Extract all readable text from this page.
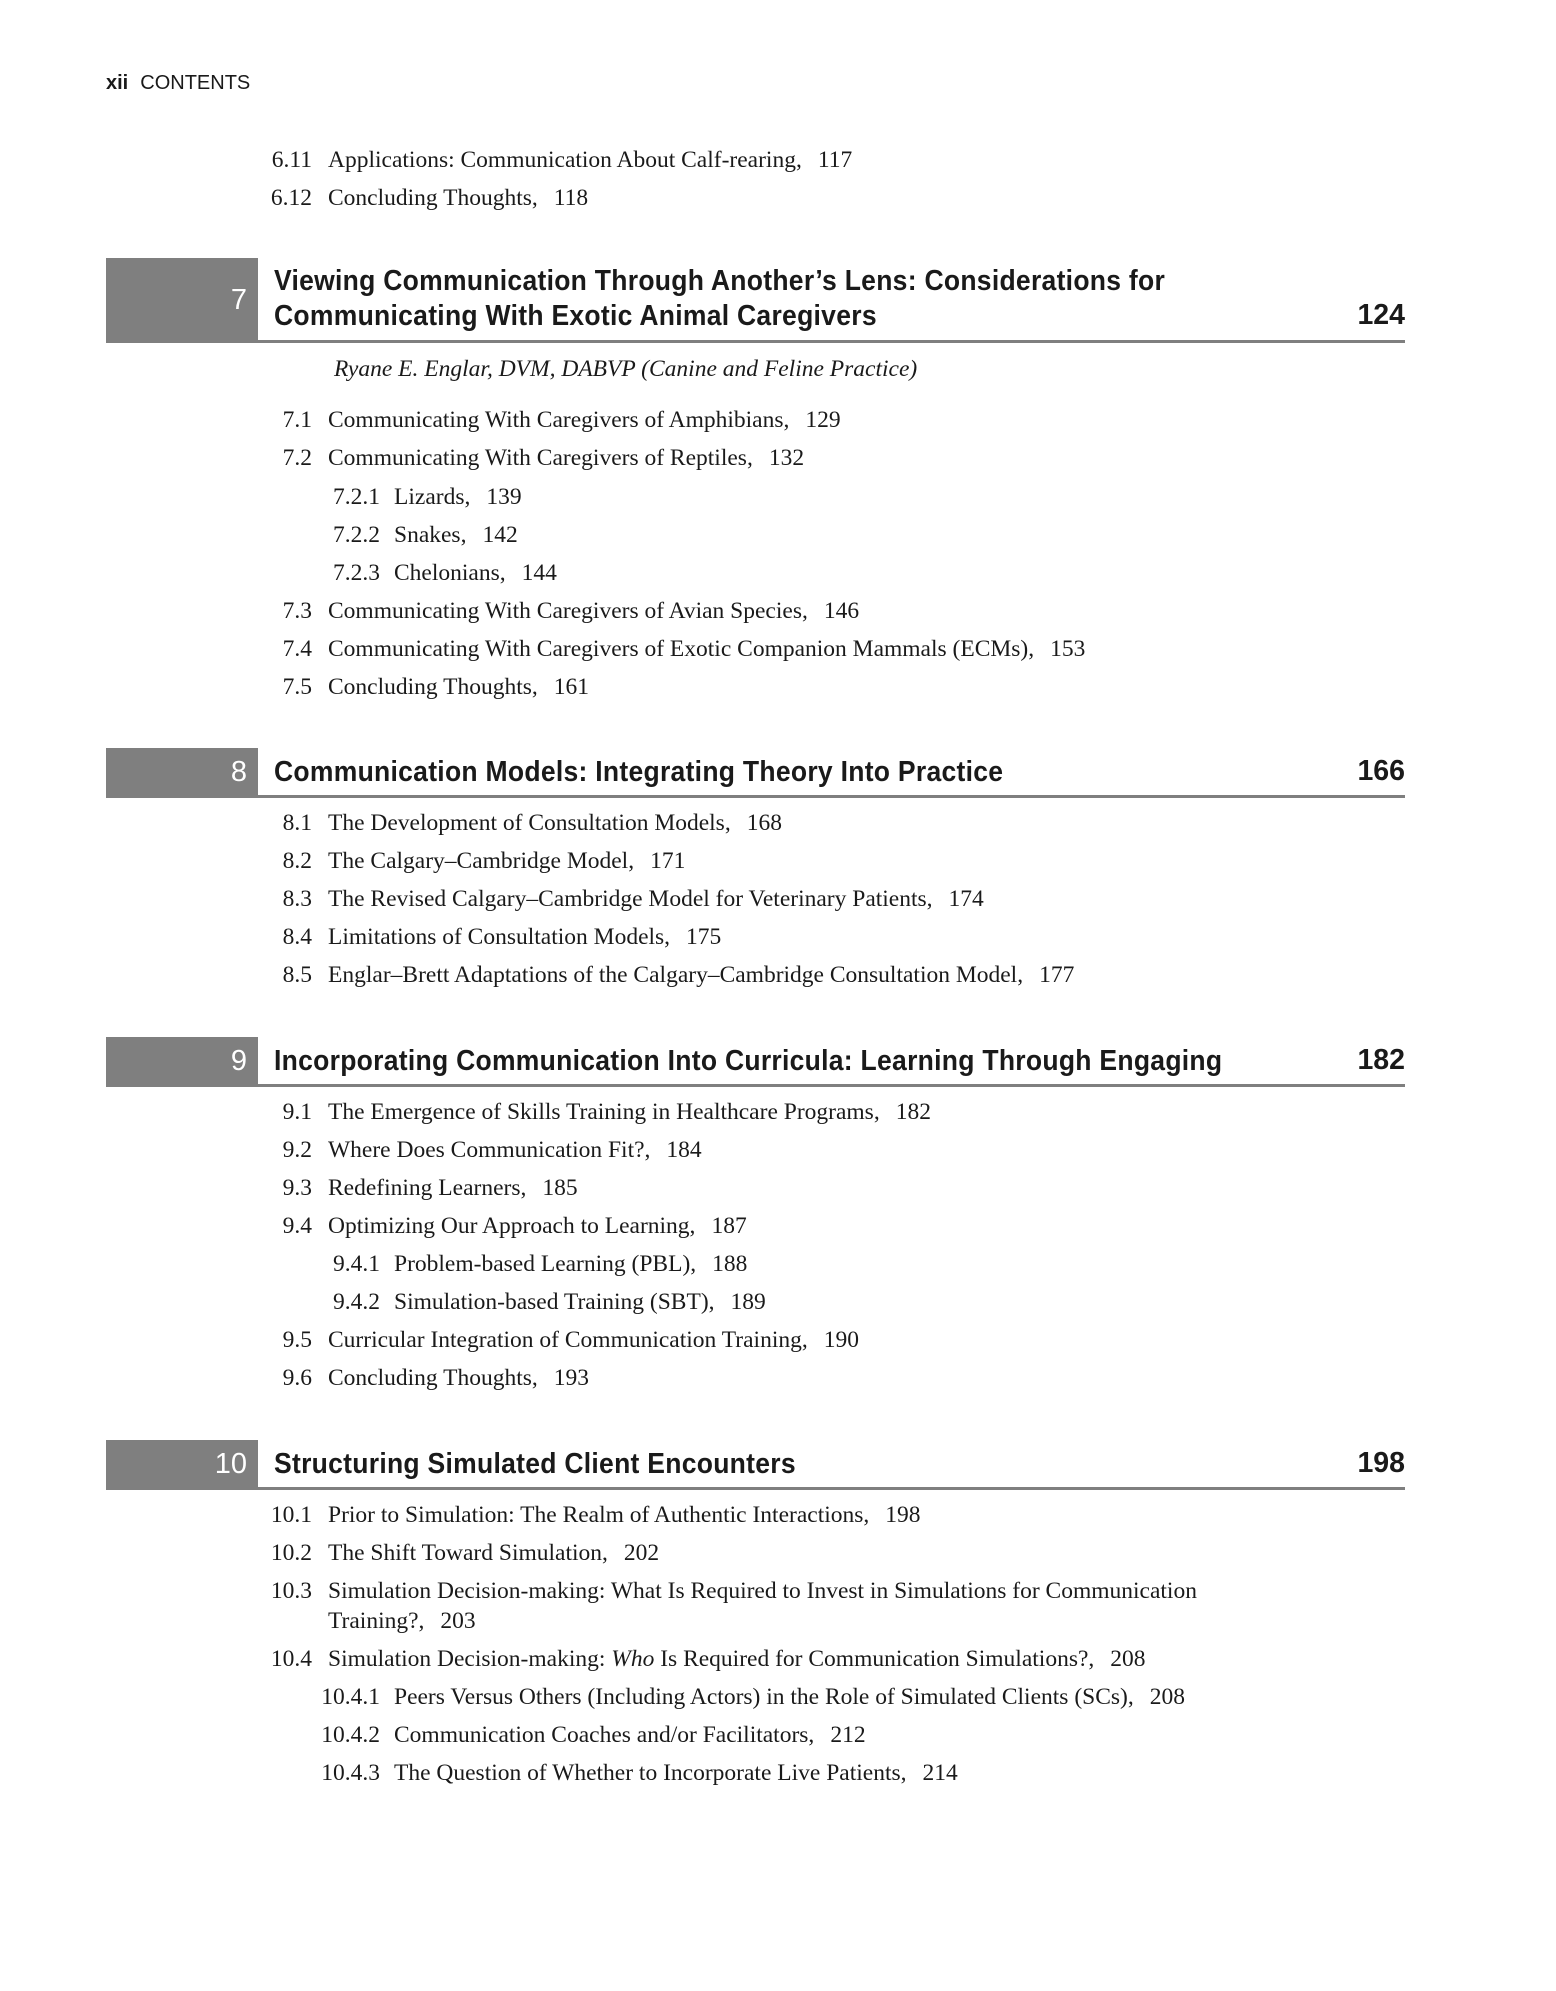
xii CONTENTS
6.11 Applications: Communication About Calf-rearing, 117
6.12 Concluding Thoughts, 118
7
Viewing Communication Through Another’s Lens: Considerations for
Communicating With Exotic Animal Caregivers	124
Ryane E. Englar, DVM, DABVP (Canine and Feline Practice)
7.1 Communicating With Caregivers of Amphibians, 129
7.2 Communicating With Caregivers of Reptiles, 132
7.2.1 Lizards, 139
7.2.2 Snakes, 142
7.2.3 Chelonians, 144
7.3 Communicating With Caregivers of Avian Species, 146
7.4 Communicating With Caregivers of Exotic Companion Mammals (ECMs), 153
7.5 Concluding Thoughts, 161
8 Communication Models: Integrating Theory Into Practice	166
8.1 The Development of Consultation Models, 168
8.2 The Calgary–Cambridge Model, 171
8.3 The Revised Calgary–Cambridge Model for Veterinary Patients, 174
8.4 Limitations of Consultation Models, 175
8.5 Englar–Brett Adaptations of the Calgary–Cambridge Consultation Model, 177
9 Incorporating Communication Into Curricula: Learning Through Engaging	182
9.1 The Emergence of Skills Training in Healthcare Programs, 182
9.2 Where Does Communication Fit?, 184
9.3 Redefining Learners, 185
9.4 Optimizing Our Approach to Learning, 187
9.4.1 Problem-based Learning (PBL), 188
9.4.2 Simulation-based Training (SBT), 189
9.5 Curricular Integration of Communication Training, 190
9.6 Concluding Thoughts, 193
10 Structuring Simulated Client Encounters	198
10.1 Prior to Simulation: The Realm of Authentic Interactions, 198
10.2 The Shift Toward Simulation, 202
10.3 Simulation Decision-making: What Is Required to Invest in Simulations for Communication
Training?, 203
10.4 Simulation Decision-making: Who Is Required for Communication Simulations?, 208
10.4.1 Peers Versus Others (Including Actors) in the Role of Simulated Clients (SCs), 208
10.4.2 Communication Coaches and/or Facilitators, 212
10.4.3 The Question of Whether to Incorporate Live Patients, 214
